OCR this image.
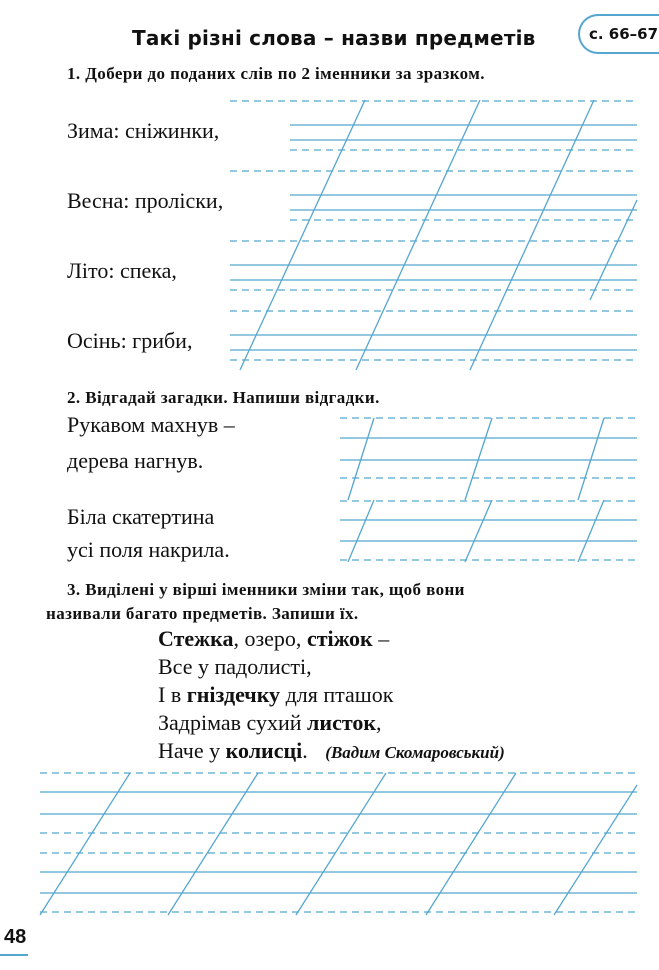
Такі різні слова – назви предметів	с. 66–67
1. Добери до поданих слів по 2 іменники за зразком.
Зима: сніжинки,
Весна: проліски,
Літо: спека,
Осінь: гриби,
2. Відгадай загадки. Напиши відгадки.
Рукавом махнув –
дерева нагнув.
Біла скатертина
усі поля накрила.
3. Виділені у вірші іменники зміни так, щоб вони
називали багато предметів. Запиши їх.
Стежка, озеро, стіжок –
Все у падолисті,
І в гніздечку для пташок
Задрімав сухий листок,
Наче у колисці. (Вадим Скомаровський)
48
